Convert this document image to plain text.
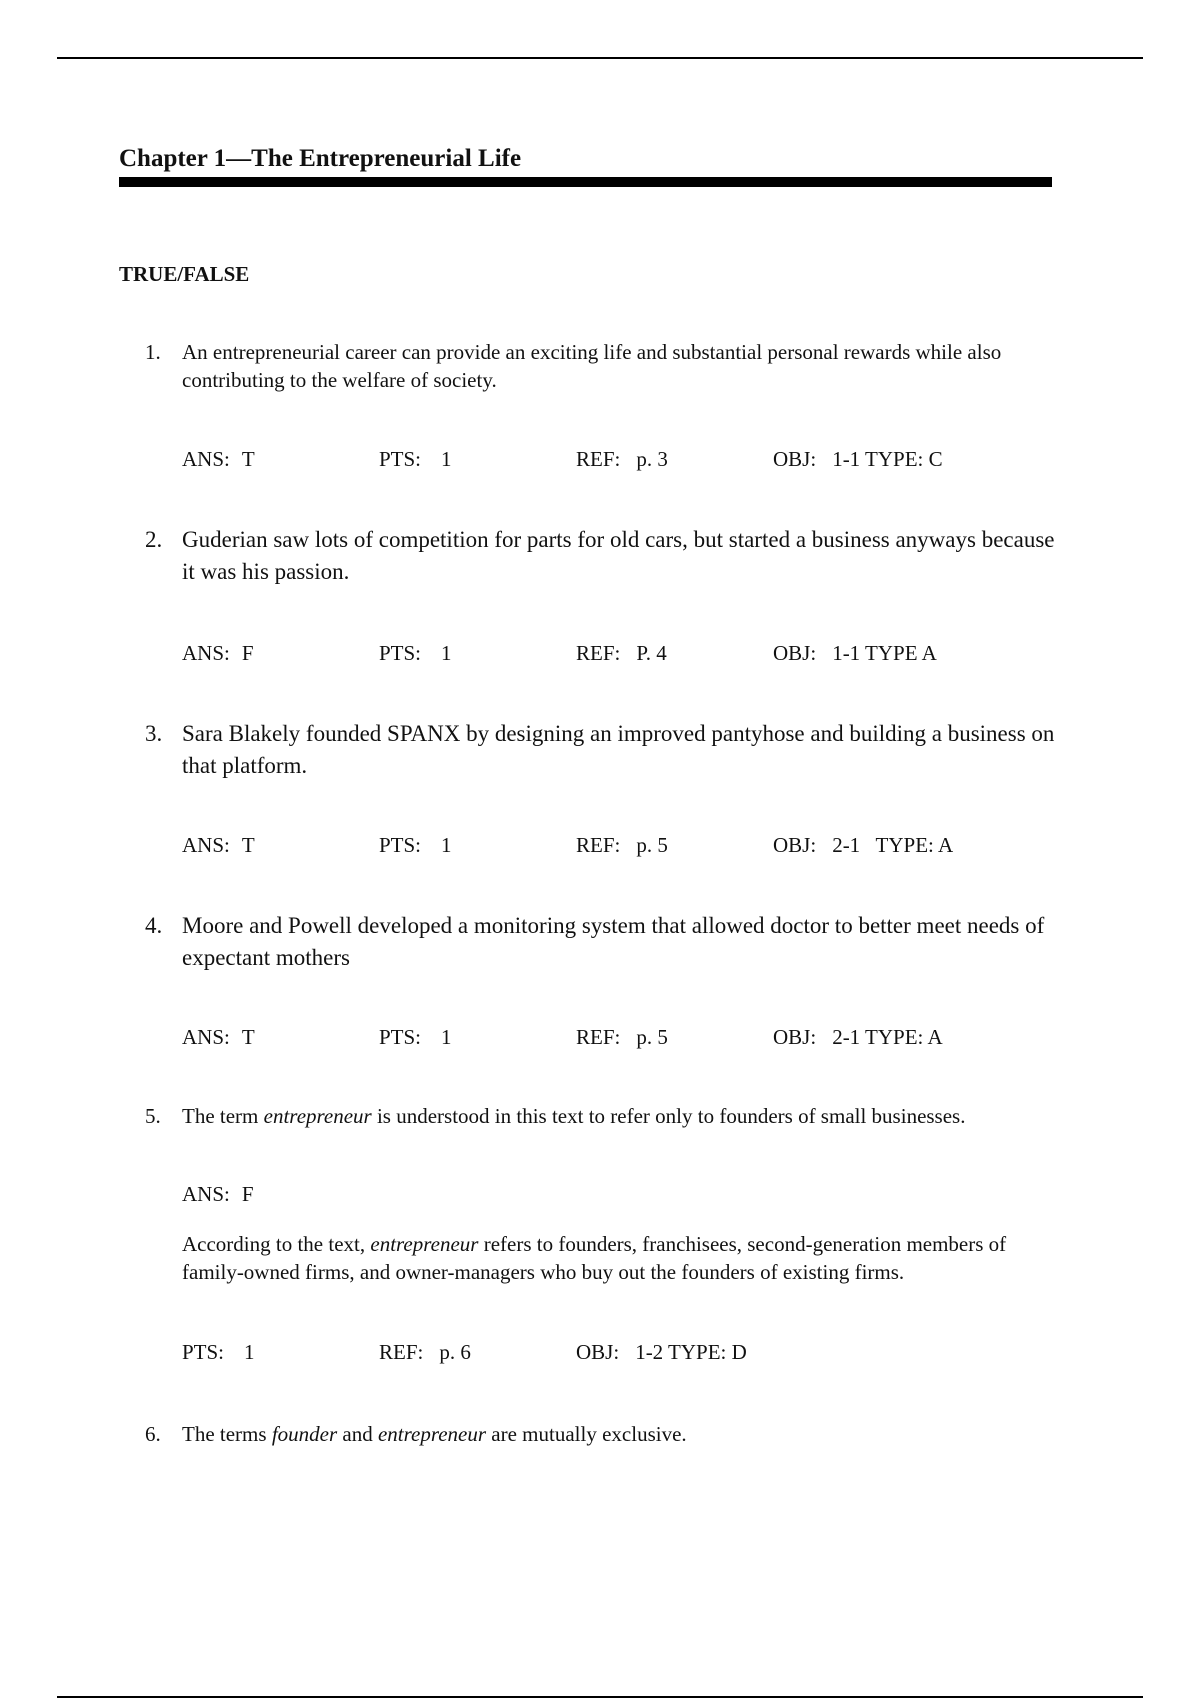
Chapter 1—The Entrepreneurial Life
TRUE/FALSE
1. An entrepreneurial career can provide an exciting life and substantial personal rewards while also contributing to the welfare of society.
ANS: T	PTS: 1	REF: p. 3	OBJ: 1-1 TYPE: C
2. Guderian saw lots of competition for parts for old cars, but started a business anyways because it was his passion.
ANS: F	PTS: 1	REF: P. 4	OBJ: 1-1 TYPE A
3. Sara Blakely founded SPANX by designing an improved pantyhose and building a business on that platform.
ANS: T	PTS: 1	REF: p. 5	OBJ: 2-1   TYPE: A
4. Moore and Powell developed a monitoring system that allowed doctor to better meet needs of expectant mothers
ANS: T	PTS: 1	REF: p. 5	OBJ: 2-1 TYPE: A
5. The term entrepreneur is understood in this text to refer only to founders of small businesses.
ANS: F
According to the text, entrepreneur refers to founders, franchisees, second-generation members of family-owned firms, and owner-managers who buy out the founders of existing firms.
PTS: 1	REF: p. 6	OBJ: 1-2 TYPE: D
6. The terms founder and entrepreneur are mutually exclusive.
